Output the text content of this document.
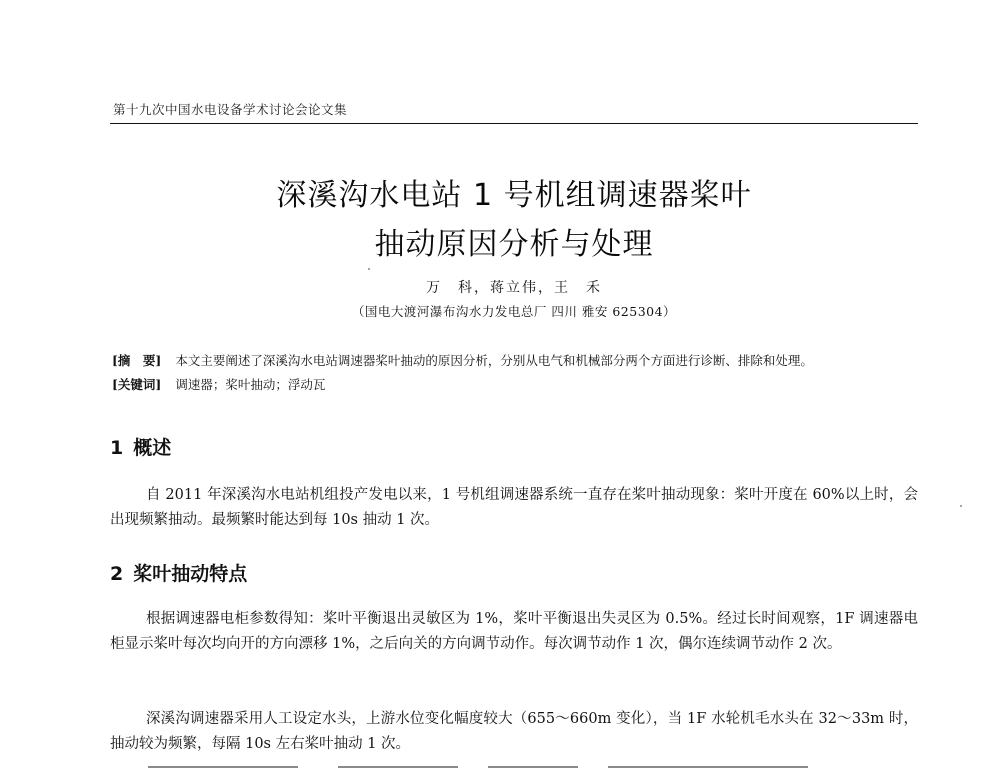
第十九次中国水电设备学术讨论会论文集
深溪沟水电站 1 号机组调速器桨叶
抽动原因分析与处理
万　科，蒋立伟，王　禾
（国电大渡河瀑布沟水力发电总厂 四川 雅安 625304）
[摘　要] 本文主要阐述了深溪沟水电站调速器桨叶抽动的原因分析，分别从电气和机械部分两个方面进行诊断、排除和处理。
[关键词] 调速器；桨叶抽动；浮动瓦
1 概述
自 2011 年深溪沟水电站机组投产发电以来，1 号机组调速器系统一直存在桨叶抽动现象：桨叶开度在 60%以上时，会出现频繁抽动。最频繁时能达到每 10s 抽动 1 次。
2 桨叶抽动特点
根据调速器电柜参数得知：桨叶平衡退出灵敏区为 1%，桨叶平衡退出失灵区为 0.5%。经过长时间观察，1F 调速器电柜显示桨叶每次均向开的方向漂移 1%，之后向关的方向调节动作。每次调节动作 1 次，偶尔连续调节动作 2 次。
深溪沟调速器采用人工设定水头，上游水位变化幅度较大（655～660m 变化），当 1F 水轮机毛水头在 32～33m 时，抽动较为频繁，每隔 10s 左右桨叶抽动 1 次。
